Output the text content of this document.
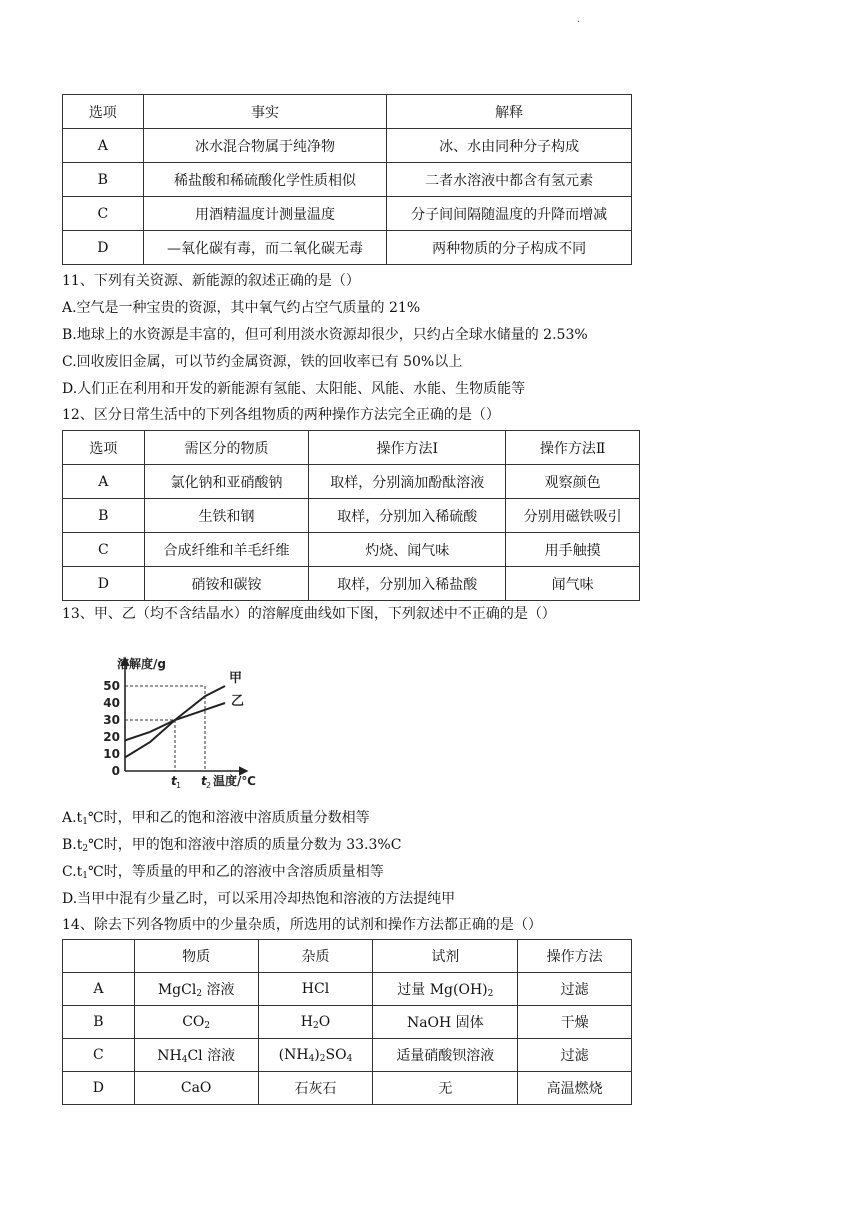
.
选项	事实	解释
A	冰水混合物属于纯净物	冰、水由同种分子构成
B	稀盐酸和稀硫酸化学性质相似	二者水溶液中都含有氢元素
C	用酒精温度计测量温度	分子间间隔随温度的升降而增减
D	—氧化碳有毒，而二氧化碳无毒	两种物质的分子构成不同
11、下列有关资源、新能源的叙述正确的是（）
A.空气是一种宝贵的资源，其中氧气约占空气质量的 21%
B.地球上的水资源是丰富的，但可利用淡水资源却很少，只约占全球水储量的 2.53%
C.回收废旧金属，可以节约金属资源，铁的回收率已有 50%以上
D.人们正在利用和开发的新能源有氢能、太阳能、风能、水能、生物质能等
12、区分日常生活中的下列各组物质的两种操作方法完全正确的是（）
选项	需区分的物质	操作方法Ⅰ	操作方法Ⅱ
A	氯化钠和亚硝酸钠	取样，分别滴加酚酞溶液	观察颜色
B	生铁和钢	取样，分别加入稀硫酸	分别用磁铁吸引
C	合成纤维和羊毛纤维	灼烧、闻气味	用手触摸
D	硝铵和碳铵	取样，分别加入稀盐酸	闻气味
13、甲、乙（均不含结晶水）的溶解度曲线如下图，下列叙述中不正确的是（）
0
10
20
30
40
50
溶解度/g
甲
乙
t 1 t 2 温度/℃
$A.t_1℃$时，甲和乙的饱和溶液中溶质质量分数相等
$B.t_2℃$时，甲的饱和溶液中溶质的质量分数为 33.3%C
$C.t_1℃$时，等质量的甲和乙的溶液中含溶质质量相等
D.当甲中混有少量乙时，可以采用冷却热饱和溶液的方法提纯甲
14、除去下列各物质中的少量杂质，所选用的试剂和操作方法都正确的是（）
	物质	杂质	试剂	操作方法
A	MgCl$_2$ 溶液	HCl	过量 $Mg(OH)_2$	过滤
B	$CO_2$	$H_2O$	NaOH 固体	干燥
C	$NH_4Cl$ 溶液	$(NH_4)_2SO_4$	适量硝酸钡溶液	过滤
D	CaO	石灰石	无	高温燃烧
